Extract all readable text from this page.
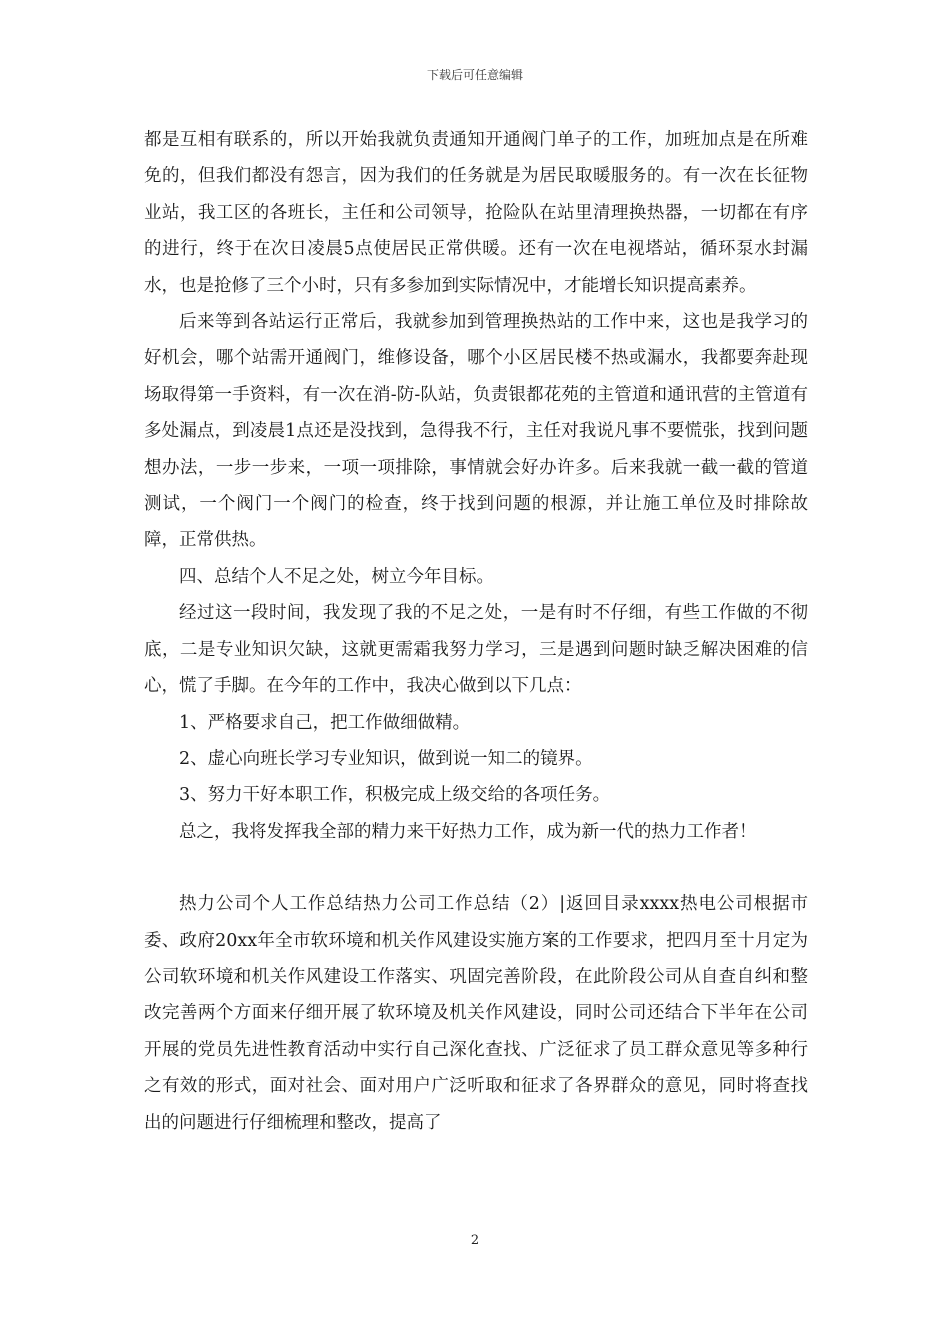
下载后可任意编辑

都是互相有联系的，所以开始我就负责通知开通阀门单子的工作，加班加点是在所难免的，但我们都没有怨言，因为我们的任务就是为居民取暖服务的。有一次在长征物业站，我工区的各班长，主任和公司领导，抢险队在站里清理换热器，一切都在有序的进行，终于在次日凌晨5点使居民正常供暖。还有一次在电视塔站，循环泵水封漏水，也是抢修了三个小时，只有多参加到实际情况中，才能增长知识提高素养。

后来等到各站运行正常后，我就参加到管理换热站的工作中来，这也是我学习的好机会，哪个站需开通阀门，维修设备，哪个小区居民楼不热或漏水，我都要奔赴现场取得第一手资料，有一次在消-防-队站，负责银都花苑的主管道和通讯营的主管道有多处漏点，到凌晨1点还是没找到，急得我不行，主任对我说凡事不要慌张，找到问题想办法，一步一步来，一项一项排除，事情就会好办许多。后来我就一截一截的管道测试，一个阀门一个阀门的检查，终于找到问题的根源，并让施工单位及时排除故障，正常供热。

四、总结个人不足之处，树立今年目标。

经过这一段时间，我发现了我的不足之处，一是有时不仔细，有些工作做的不彻底，二是专业知识欠缺，这就更需霜我努力学习，三是遇到问题时缺乏解决困难的信心，慌了手脚。在今年的工作中，我决心做到以下几点：

1、严格要求自己，把工作做细做精。

2、虚心向班长学习专业知识，做到说一知二的镜界。

3、努力干好本职工作，积极完成上级交给的各项任务。

总之，我将发挥我全部的精力来干好热力工作，成为新一代的热力工作者！

热力公司个人工作总结热力公司工作总结（2）|返回目录xxxx热电公司根据市委、政府20xx年全市软环境和机关作风建设实施方案的工作要求，把四月至十月定为公司软环境和机关作风建设工作落实、巩固完善阶段，在此阶段公司从自查自纠和整改完善两个方面来仔细开展了软环境及机关作风建设，同时公司还结合下半年在公司开展的党员先进性教育活动中实行自己深化查找、广泛征求了员工群众意见等多种行之有效的形式，面对社会、面对用户广泛听取和征求了各界群众的意见，同时将查找出的问题进行仔细梳理和整改，提高了

2
